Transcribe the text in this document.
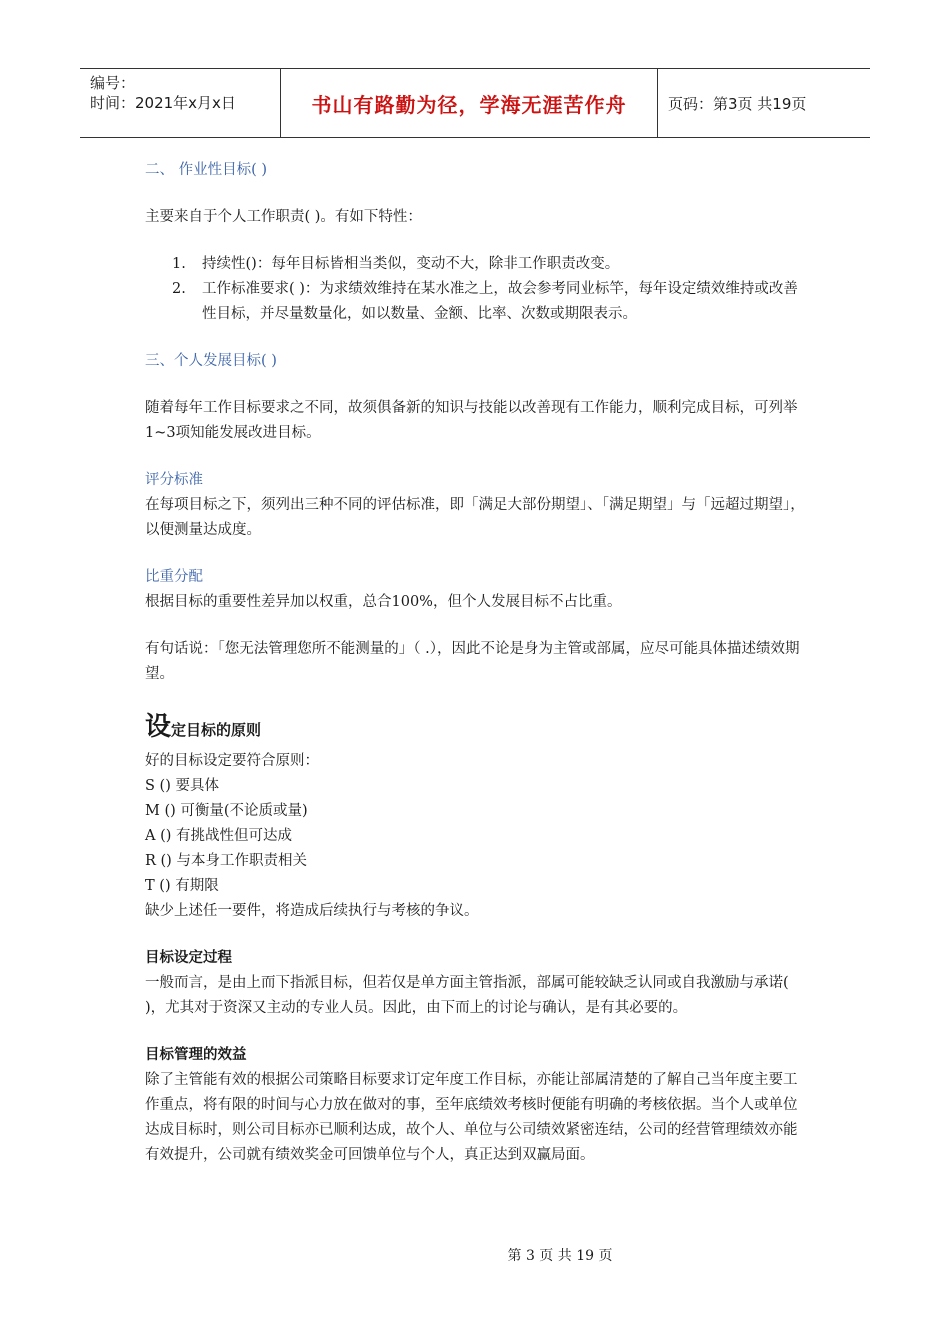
编号：
时间：2021年x月x日	书山有路勤为径，学海无涯苦作舟	页码：第3页 共19页

二、 作业性目标( )

主要来自于个人工作职责( )。有如下特性：

1.	持续性()：每年目标皆相当类似，变动不大，除非工作职责改变。
2.	工作标准要求( )：为求绩效维持在某水准之上，故会参考同业标竿，每年设定绩效维持或改善性目标，并尽量数量化，如以数量、金额、比率、次数或期限表示。

三、个人发展目标( )

随着每年工作目标要求之不同，故须俱备新的知识与技能以改善现有工作能力，顺利完成目标，可列举1~3项知能发展改进目标。

评分标准

在每项目标之下，须列出三种不同的评估标准，即「满足大部份期望」、「满足期望」与「远超过期望」，以便测量达成度。

比重分配

根据目标的重要性差异加以权重，总合100%，但个人发展目标不占比重。

有句话说：「您无法管理您所不能测量的」（ .），因此不论是身为主管或部属，应尽可能具体描述绩效期望。

设定目标的原则

好的目标设定要符合原则：

S () 要具体

M () 可衡量(不论质或量)

A () 有挑战性但可达成

R () 与本身工作职责相关

T () 有期限

缺少上述任一要件，将造成后续执行与考核的争议。

目标设定过程

一般而言，是由上而下指派目标，但若仅是单方面主管指派，部属可能较缺乏认同或自我激励与承诺( )，尤其对于资深又主动的专业人员。因此，由下而上的讨论与确认，是有其必要的。

目标管理的效益

除了主管能有效的根据公司策略目标要求订定年度工作目标，亦能让部属清楚的了解自己当年度主要工作重点，将有限的时间与心力放在做对的事，至年底绩效考核时便能有明确的考核依据。当个人或单位达成目标时，则公司目标亦已顺利达成，故个人、单位与公司绩效紧密连结，公司的经营管理绩效亦能有效提升，公司就有绩效奖金可回馈单位与个人，真正达到双赢局面。

第 3 页 共 19 页
